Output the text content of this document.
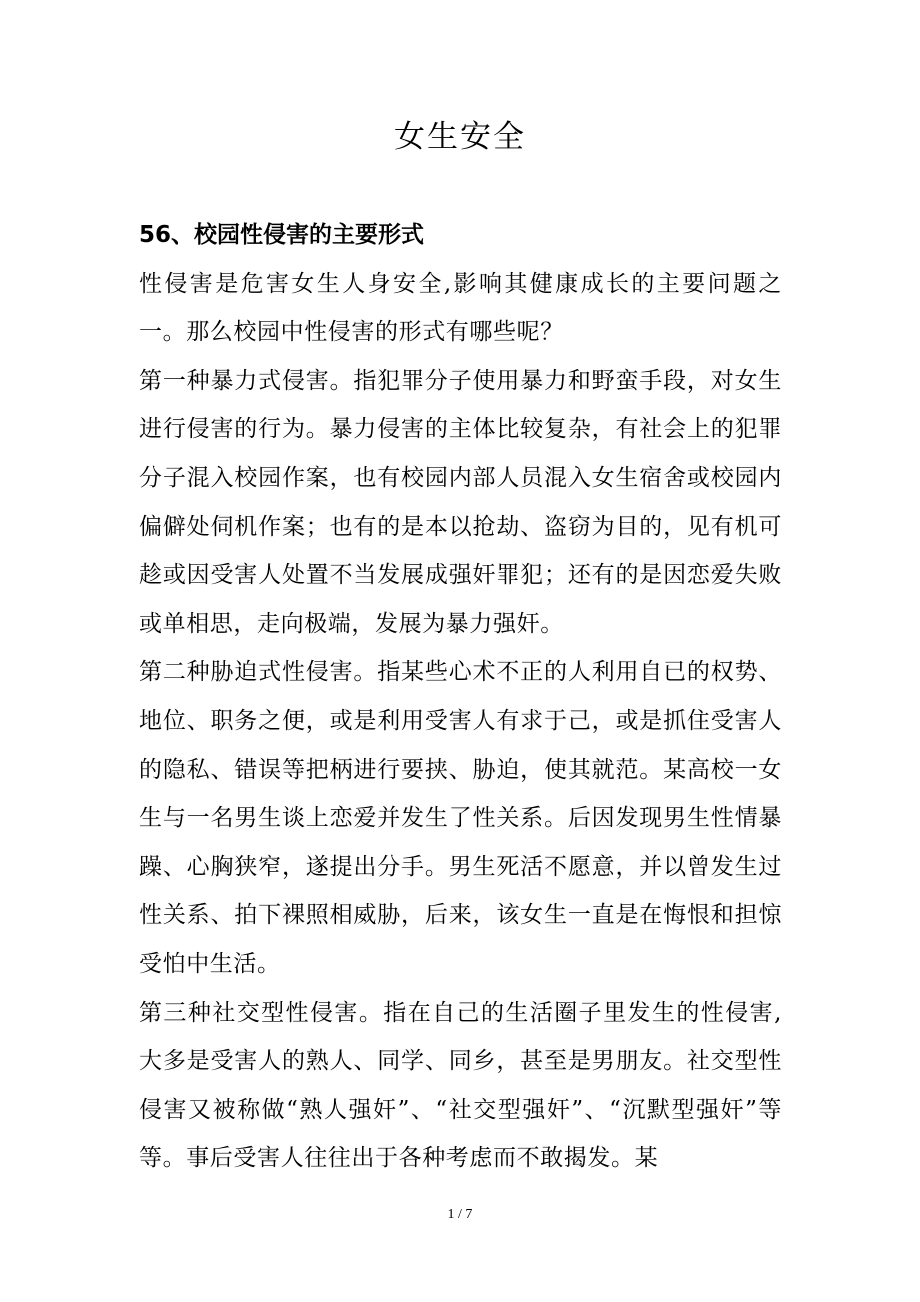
女生安全

56、校园性侵害的主要形式

性侵害是危害女生人身安全,影响其健康成长的主要问题之一。那么校园中性侵害的形式有哪些呢？

第一种暴力式侵害。指犯罪分子使用暴力和野蛮手段，对女生进行侵害的行为。暴力侵害的主体比较复杂，有社会上的犯罪分子混入校园作案，也有校园内部人员混入女生宿舍或校园内偏僻处伺机作案；也有的是本以抢劫、盗窃为目的，见有机可趁或因受害人处置不当发展成强奸罪犯；还有的是因恋爱失败或单相思，走向极端，发展为暴力强奸。

第二种胁迫式性侵害。指某些心术不正的人利用自已的权势、地位、职务之便，或是利用受害人有求于己，或是抓住受害人的隐私、错误等把柄进行要挟、胁迫，使其就范。某高校一女生与一名男生谈上恋爱并发生了性关系。后因发现男生性情暴躁、心胸狭窄，遂提出分手。男生死活不愿意，并以曾发生过性关系、拍下裸照相威胁，后来，该女生一直是在悔恨和担惊受怕中生活。

第三种社交型性侵害。指在自己的生活圈子里发生的性侵害,大多是受害人的熟人、同学、同乡，甚至是男朋友。社交型性侵害又被称做“熟人强奸”、“社交型强奸”、“沉默型强奸”等等。事后受害人往往出于各种考虑而不敢揭发。某

1 / 7
